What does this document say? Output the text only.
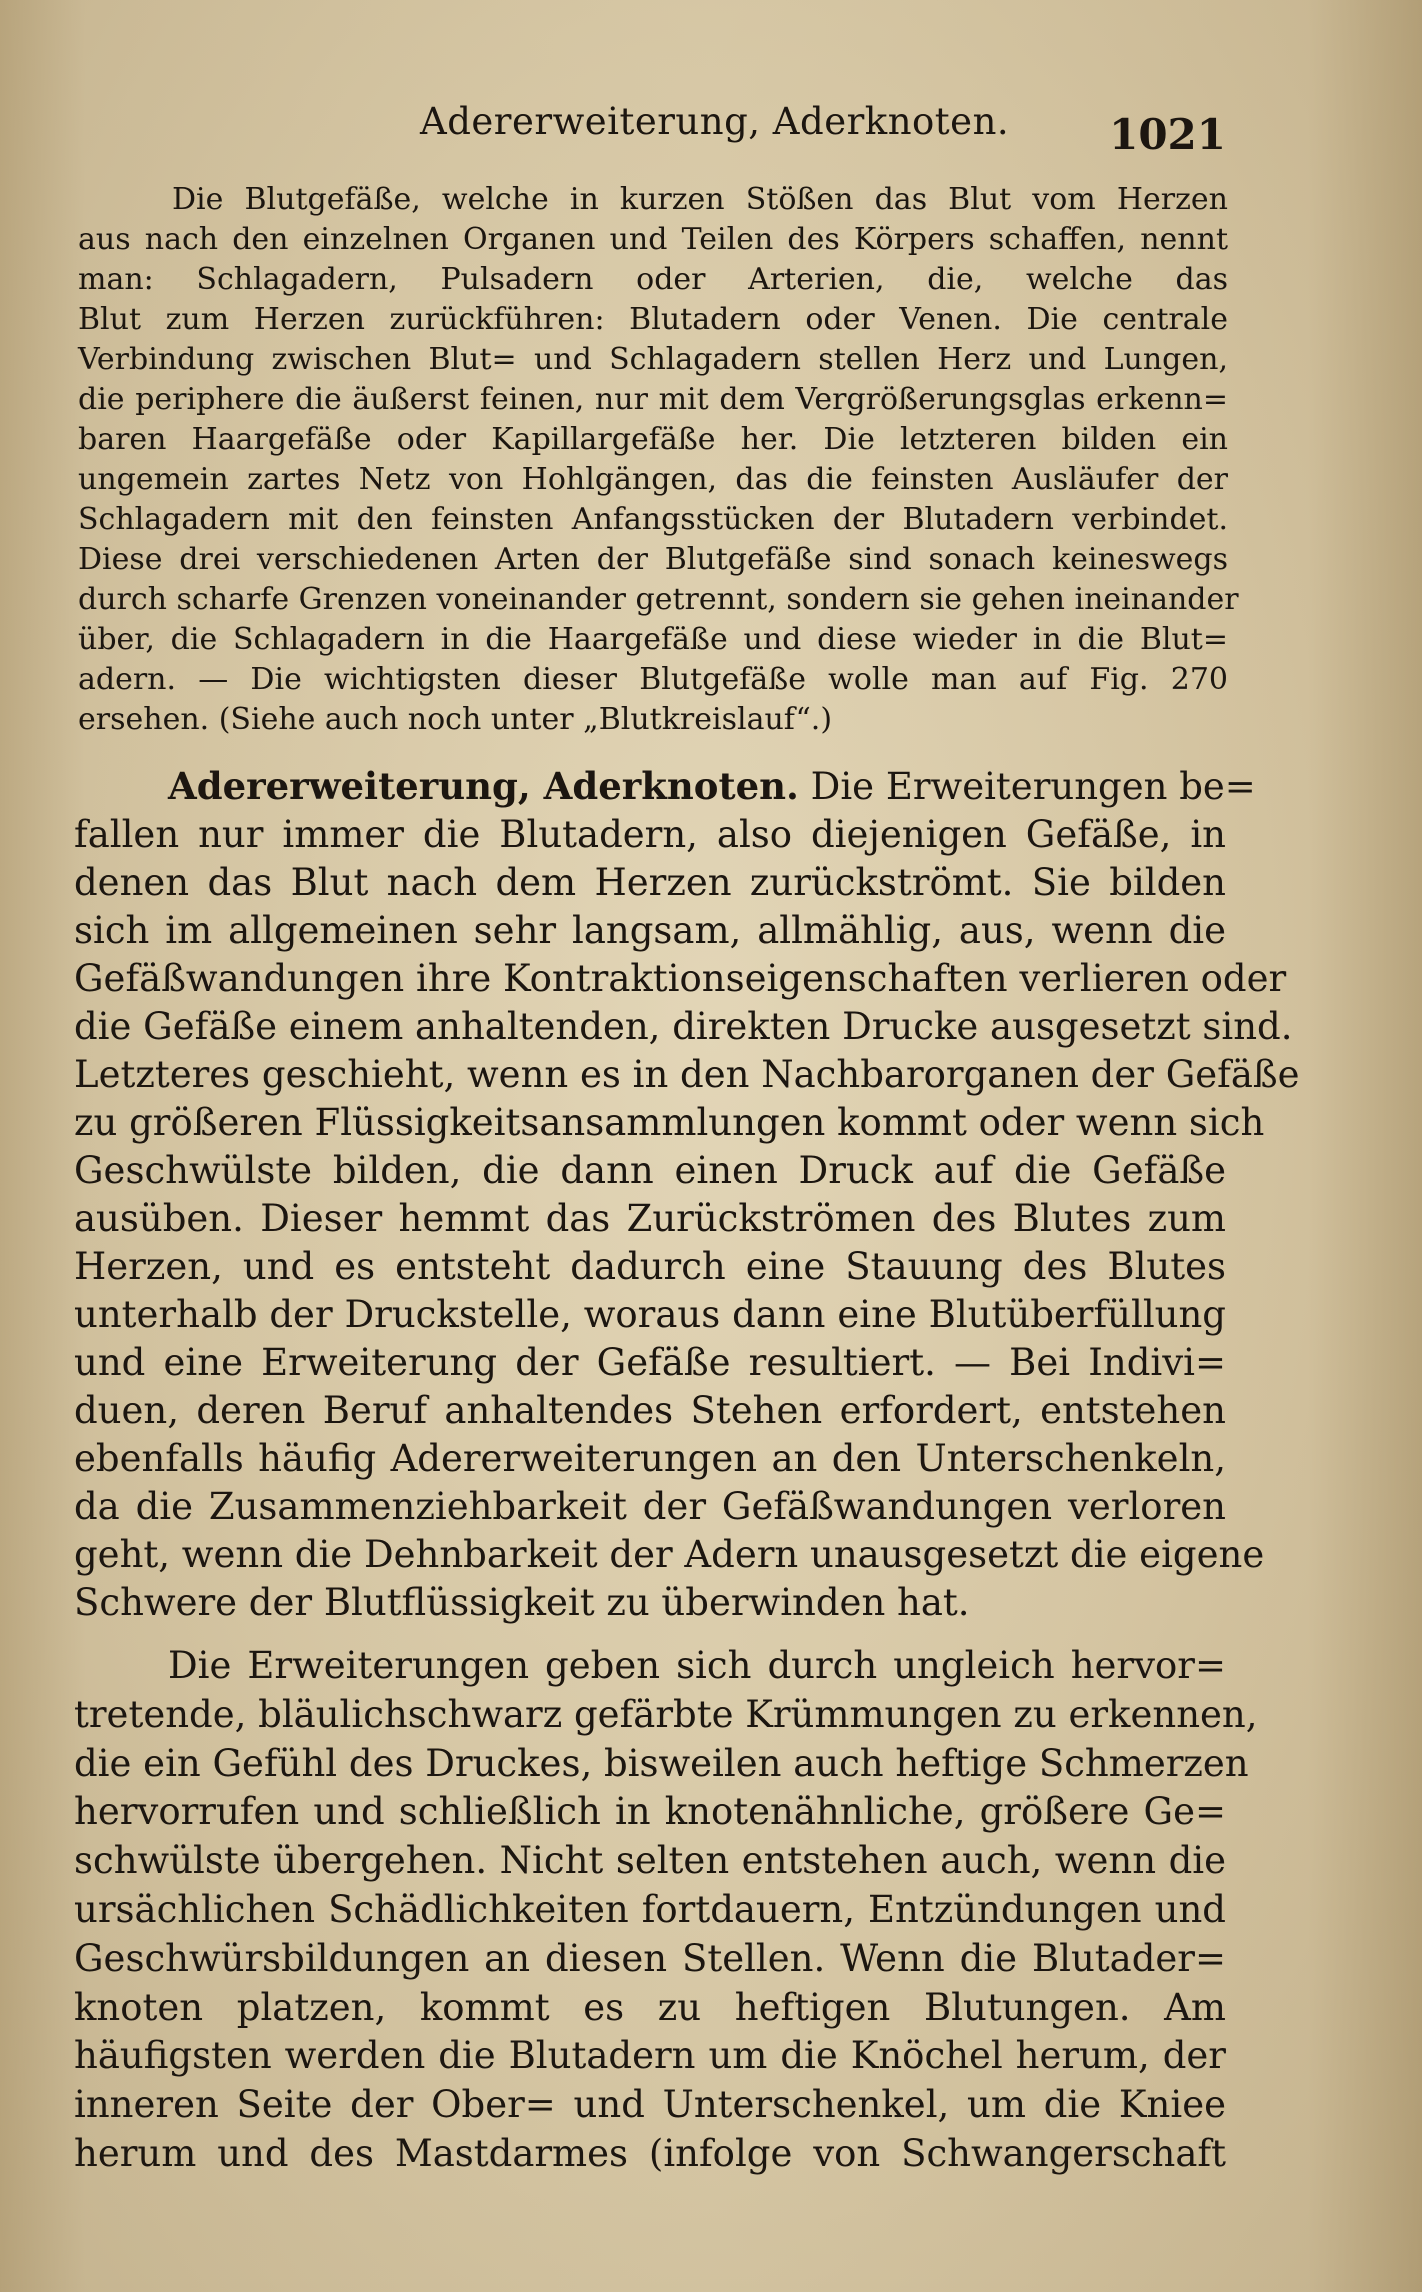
Adererweiterung, Aderknoten. 1021
Die Blutgefäße, welche in kurzen Stößen das Blut vom Herzen
aus nach den einzelnen Organen und Teilen des Körpers schaffen, nennt
man: Schlagadern, Pulsadern oder Arterien, die, welche das
Blut zum Herzen zurückführen: Blutadern oder Venen. Die centrale
Verbindung zwischen Blut= und Schlagadern stellen Herz und Lungen,
die periphere die äußerst feinen, nur mit dem Vergrößerungsglas erkenn=
baren Haargefäße oder Kapillargefäße her. Die letzteren bilden ein
ungemein zartes Netz von Hohlgängen, das die feinsten Ausläufer der
Schlagadern mit den feinsten Anfangsstücken der Blutadern verbindet.
Diese drei verschiedenen Arten der Blutgefäße sind sonach keineswegs
durch scharfe Grenzen voneinander getrennt, sondern sie gehen ineinander
über, die Schlagadern in die Haargefäße und diese wieder in die Blut=
adern. — Die wichtigsten dieser Blutgefäße wolle man auf Fig. 270
ersehen. (Siehe auch noch unter „Blutkreislauf“.)
Adererweiterung, Aderknoten. Die Erweiterungen be=
fallen nur immer die Blutadern, also diejenigen Gefäße, in
denen das Blut nach dem Herzen zurückströmt. Sie bilden
sich im allgemeinen sehr langsam, allmählig, aus, wenn die
Gefäßwandungen ihre Kontraktionseigenschaften verlieren oder
die Gefäße einem anhaltenden, direkten Drucke ausgesetzt sind.
Letzteres geschieht, wenn es in den Nachbarorganen der Gefäße
zu größeren Flüssigkeitsansammlungen kommt oder wenn sich
Geschwülste bilden, die dann einen Druck auf die Gefäße
ausüben. Dieser hemmt das Zurückströmen des Blutes zum
Herzen, und es entsteht dadurch eine Stauung des Blutes
unterhalb der Druckstelle, woraus dann eine Blutüberfüllung
und eine Erweiterung der Gefäße resultiert. — Bei Indivi=
duen, deren Beruf anhaltendes Stehen erfordert, entstehen
ebenfalls häufig Adererweiterungen an den Unterschenkeln,
da die Zusammenziehbarkeit der Gefäßwandungen verloren
geht, wenn die Dehnbarkeit der Adern unausgesetzt die eigene
Schwere der Blutflüssigkeit zu überwinden hat.
Die Erweiterungen geben sich durch ungleich hervor=
tretende, bläulichschwarz gefärbte Krümmungen zu erkennen,
die ein Gefühl des Druckes, bisweilen auch heftige Schmerzen
hervorrufen und schließlich in knotenähnliche, größere Ge=
schwülste übergehen. Nicht selten entstehen auch, wenn die
ursächlichen Schädlichkeiten fortdauern, Entzündungen und
Geschwürsbildungen an diesen Stellen. Wenn die Blutader=
knoten platzen, kommt es zu heftigen Blutungen. Am
häufigsten werden die Blutadern um die Knöchel herum, der
inneren Seite der Ober= und Unterschenkel, um die Kniee
herum und des Mastdarmes (infolge von Schwangerschaft
